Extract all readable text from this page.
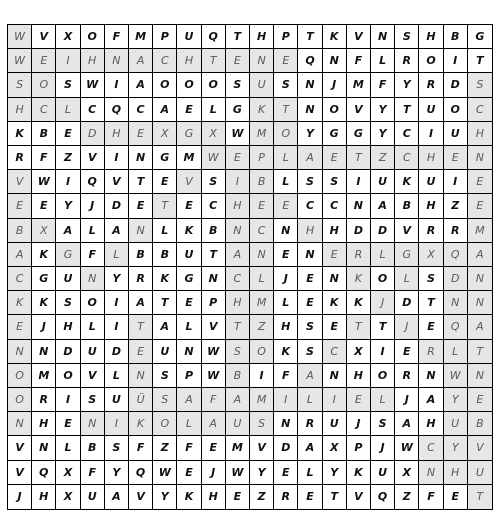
W	V	X	O	F	M	P	U	Q	T	H	P	T	K	V	N	S	H	B	G
W	E	I	H	N	A	C	H	T	E	N	E	Q	N	F	L	R	O	I	T
S	O	S	W	I	A	O	O	O	S	U	S	N	J	M	F	Y	R	D	S
H	C	L	C	Q	C	A	E	L	G	K	T	N	O	V	Y	T	U	O	C
K	B	E	D	H	E	X	G	X	W	M	O	Y	G	G	Y	C	I	U	H
R	F	Z	V	I	N	G	M	W	E	P	L	A	E	T	Z	C	H	E	N
V	W	I	Q	V	T	E	V	S	I	B	L	S	S	I	U	K	U	I	E
E	E	Y	J	D	E	T	E	C	H	E	E	C	C	N	A	B	H	Z	E
B	X	A	L	A	N	L	K	B	N	C	N	H	H	D	D	V	R	R	M
A	K	G	F	L	B	B	U	T	A	N	E	N	E	R	L	G	X	Q	A
C	G	U	N	Y	R	K	G	N	C	L	J	E	N	K	O	L	S	D	N
K	K	S	O	I	A	T	E	P	H	M	L	E	K	K	J	D	T	N	N
E	J	H	L	I	T	A	L	V	T	Z	H	S	E	T	T	J	E	Q	A
N	N	D	U	D	E	U	N	W	S	O	K	S	C	X	I	E	R	L	T
O	M	O	V	L	N	S	P	W	B	I	F	A	N	H	O	R	N	W	N
O	R	I	S	U	Ü	S	A	F	A	M	I	L	I	E	L	J	A	Y	E
N	H	E	N	I	K	O	L	A	U	S	N	R	U	J	S	A	H	U	B
V	N	L	B	S	F	Z	F	E	M	V	D	A	X	P	J	W	C	Y	V
V	Q	X	F	Y	Q	W	E	J	W	Y	E	L	Y	K	U	X	N	H	U
J	H	X	U	A	V	Y	K	H	E	Z	R	E	T	V	Q	Z	F	E	T
